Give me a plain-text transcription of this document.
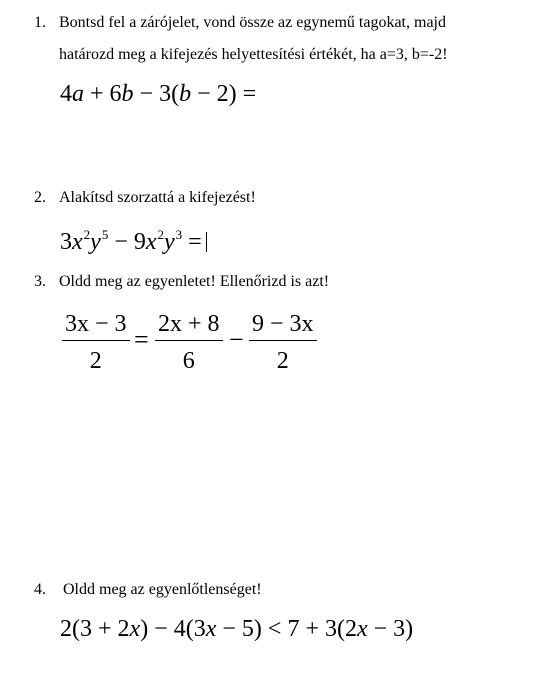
1. Bontsd fel a zárójelet, vond össze az egynemű tagokat, majd
határozd meg a kifejezés helyettesítési értékét, ha a=3, b=-2!
4a + 6b − 3(b − 2) =
2. Alakítsd szorzattá a kifejezést!
$3x^2y^5 - 9x^2y^3$ =
3. Oldd meg az egyenletet! Ellenőrizd is azt!
3x − 3
2
=
2x + 8
6
−
9 − 3x
2
4. Oldd meg az egyenlőtlenséget!
2(3 + 2x) − 4(3x − 5) < 7 + 3(2x − 3)
